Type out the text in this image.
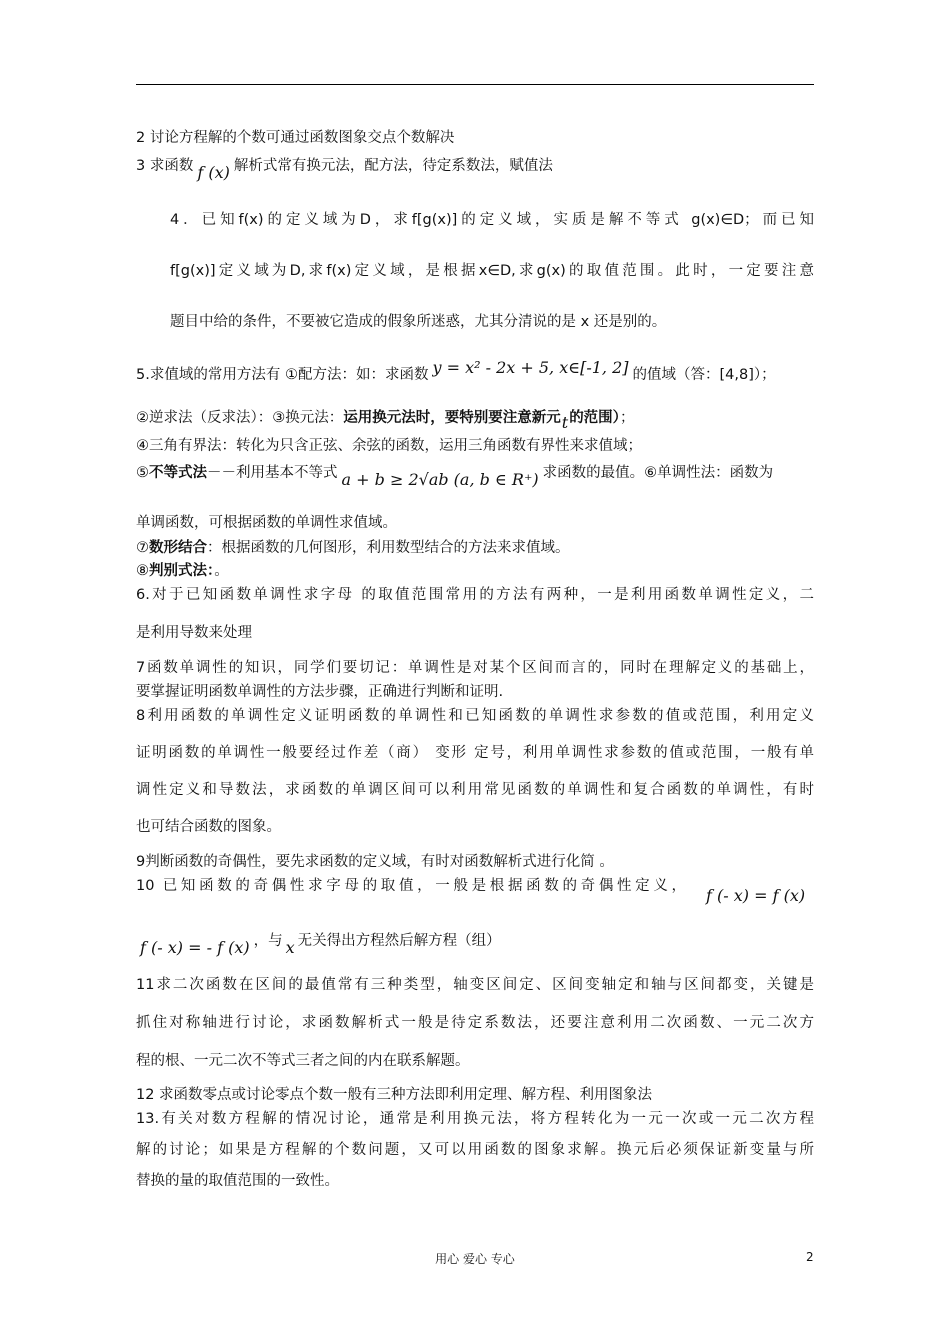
2 讨论方程解的个数可通过函数图象交点个数解决
3 求函数 f (x) 解析式常有换元法，配方法，待定系数法，赋值法
4．已知f(x)的定义域为D，求f[g(x)]的定义域，实质是解不等式 g(x)∈D；而已知
f[g(x)]定义域为D,求f(x)定义域，是根据x∈D,求g(x)的取值范围。此时，一定要注意
题目中给的条件，不要被它造成的假象所迷惑，尤其分清说的是 x 还是别的。
5.求值域的常用方法有 ①配方法：如：求函数 y = x² - 2x + 5, x∈[-1, 2] 的值域（答：[4,8]）；
②逆求法（反求法）：③换元法：运用换元法时，要特别要注意新元t的范围）；
④三角有界法：转化为只含正弦、余弦的函数，运用三角函数有界性来求值域；
⑤不等式法－－利用基本不等式 a + b ≥ 2√ab (a, b ∈ R⁺) 求函数的最值。⑥单调性法：函数为
单调函数，可根据函数的单调性求值域。
⑦数形结合：根据函数的几何图形，利用数型结合的方法来求值域。
⑧判别式法：。
6.对于已知函数单调性求字母 的取值范围常用的方法有两种，一是利用函数单调性定义，二
是利用导数来处理
7函数单调性的知识，同学们要切记：单调性是对某个区间而言的，同时在理解定义的基础上，
要掌握证明函数单调性的方法步骤，正确进行判断和证明.
8利用函数的单调性定义证明函数的单调性和已知函数的单调性求参数的值或范围，利用定义
证明函数的单调性一般要经过作差（商） 变形 定号，利用单调性求参数的值或范围，一般有单
调性定义和导数法，求函数的单调区间可以利用常见函数的单调性和复合函数的单调性，有时
也可结合函数的图象。
9判断函数的奇偶性，要先求函数的定义域，有时对函数解析式进行化简 。
10 已知函数的奇偶性求字母的取值，一般是根据函数的奇偶性定义， f (- x) = f (x)
f (- x) = - f (x) ，与 x 无关得出方程然后解方程（组）
11求二次函数在区间的最值常有三种类型，轴变区间定、区间变轴定和轴与区间都变，关键是
抓住对称轴进行讨论，求函数解析式一般是待定系数法，还要注意利用二次函数、一元二次方
程的根、一元二次不等式三者之间的内在联系解题。
12 求函数零点或讨论零点个数一般有三种方法即利用定理、解方程、利用图象法
13.有关对数方程解的情况讨论，通常是利用换元法，将方程转化为一元一次或一元二次方程
解的讨论；如果是方程解的个数问题，又可以用函数的图象求解。换元后必须保证新变量与所
替换的量的取值范围的一致性。
用心 爱心 专心	2
